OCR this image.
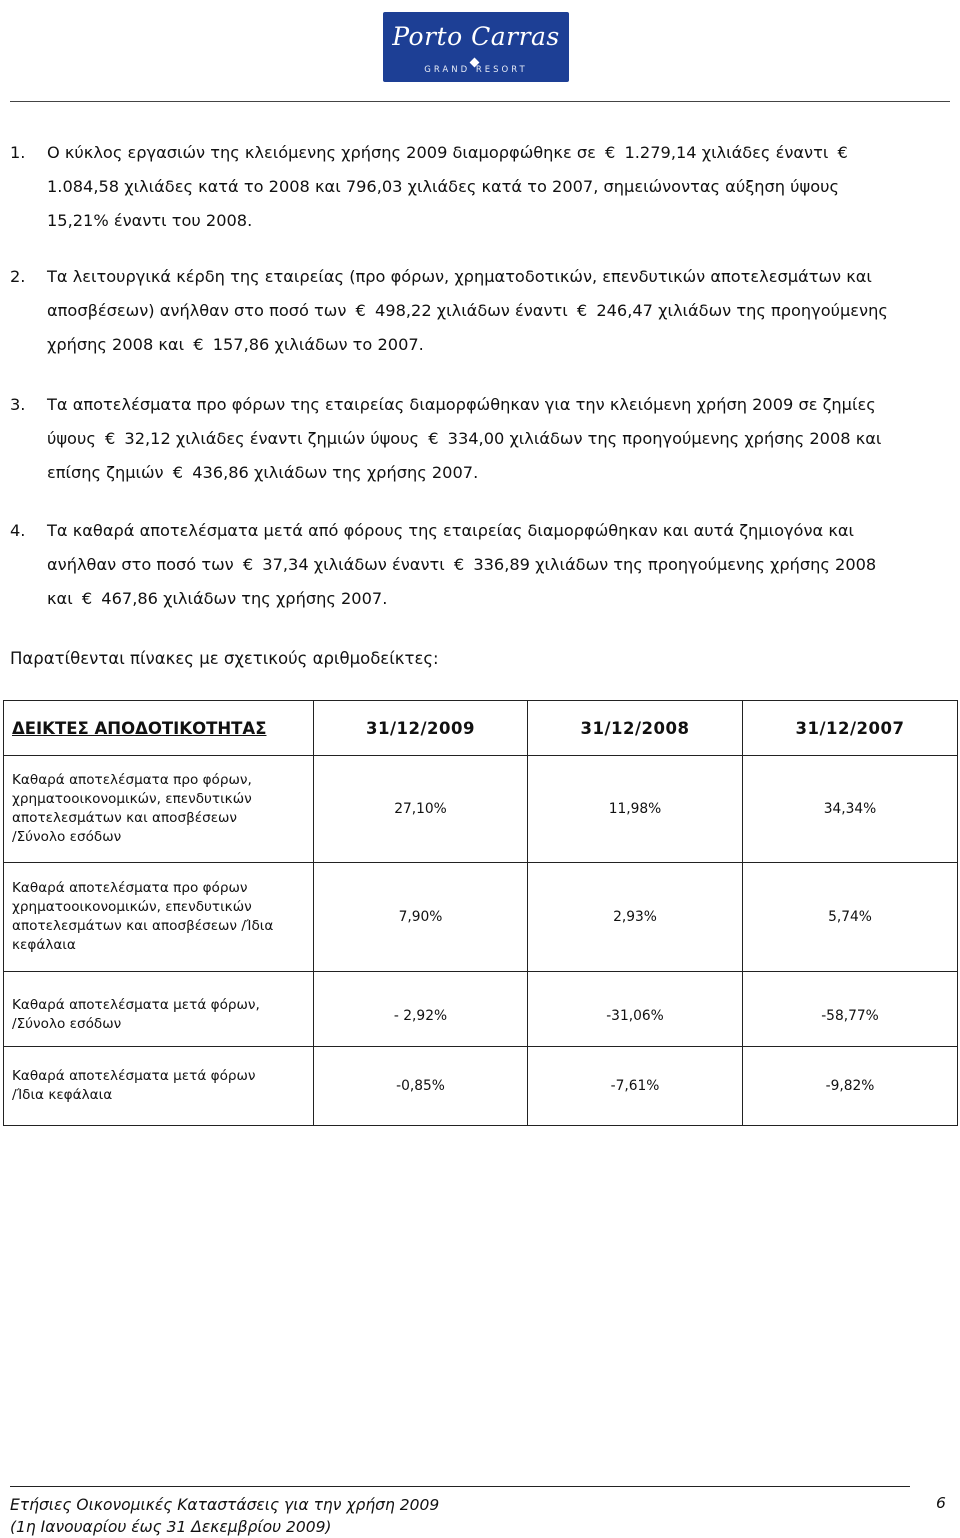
Porto Carras
GRAND RESORT
1. Ο κύκλος εργασιών της κλειόμενης χρήσης 2009 διαμορφώθηκε σε € 1.279,14 χιλιάδες έναντι €
1.084,58 χιλιάδες κατά το 2008 και 796,03 χιλιάδες κατά το 2007, σημειώνοντας αύξηση ύψους
15,21% έναντι του 2008.
2. Τα λειτουργικά κέρδη της εταιρείας (προ φόρων, χρηματοδοτικών, επενδυτικών αποτελεσμάτων και
αποσβέσεων) ανήλθαν στο ποσό των € 498,22 χιλιάδων έναντι € 246,47 χιλιάδων της προηγούμενης
χρήσης 2008 και € 157,86 χιλιάδων το 2007.
3. Τα αποτελέσματα προ φόρων της εταιρείας διαμορφώθηκαν για την κλειόμενη χρήση 2009 σε ζημίες
ύψους € 32,12 χιλιάδες έναντι ζημιών ύψους € 334,00 χιλιάδων της προηγούμενης χρήσης 2008 και
επίσης ζημιών € 436,86 χιλιάδων της χρήσης 2007.
4. Τα καθαρά αποτελέσματα μετά από φόρους της εταιρείας διαμορφώθηκαν και αυτά ζημιογόνα και
ανήλθαν στο ποσό των € 37,34 χιλιάδων έναντι € 336,89 χιλιάδων της προηγούμενης χρήσης 2008
και € 467,86 χιλιάδων της χρήσης 2007.
Παρατίθενται πίνακες με σχετικούς αριθμοδείκτες:
ΔΕΙΚΤΕΣ ΑΠΟΔΟΤΙΚΟΤΗΤΑΣ	31/12/2009	31/12/2008	31/12/2007

Καθαρά αποτελέσματα προ φόρων,
χρηματοοικονομικών, επενδυτικών
αποτελεσμάτων και αποσβέσεων
/Σύνολο εσόδων	27,10%	11,98%	34,34%

Καθαρά αποτελέσματα προ φόρων
χρηματοοικονομικών, επενδυτικών
αποτελεσμάτων και αποσβέσεων /Ίδια
κεφάλαια	7,90%	2,93%	5,74%

Καθαρά αποτελέσματα μετά φόρων,
/Σύνολο εσόδων	- 2,92%	-31,06%	-58,77%

Καθαρά αποτελέσματα μετά φόρων
/Ίδια κεφάλαια	-0,85%	-7,61%	-9,82%
Ετήσιες Οικονομικές Καταστάσεις για την χρήση 2009
(1η Ιανουαρίου έως 31 Δεκεμβρίου 2009)
6
